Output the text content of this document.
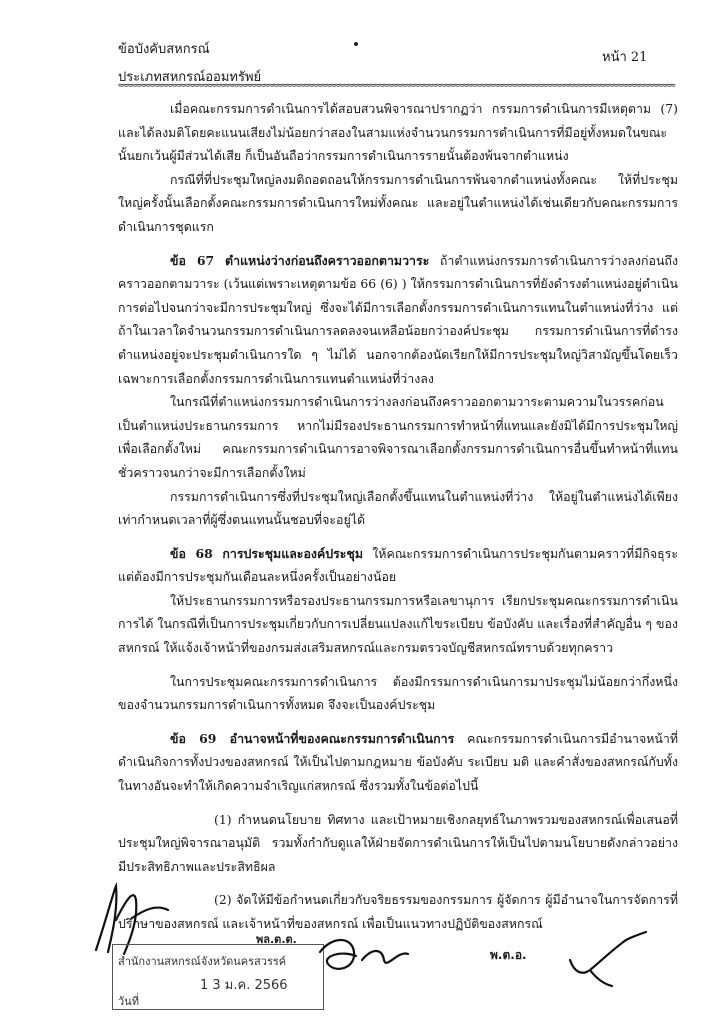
ข้อบังคับสหกรณ์
ประเภทสหกรณ์ออมทรัพย์
หน้า 21
≈≈≈≈≈≈≈≈≈≈≈≈≈≈≈≈≈≈≈≈≈≈≈≈≈≈≈≈≈≈≈≈≈≈≈≈≈≈≈≈≈≈≈≈≈≈≈≈≈≈≈≈≈≈≈≈≈≈≈≈≈≈≈≈≈≈≈≈≈≈≈≈≈≈≈≈≈≈≈≈≈≈≈≈≈≈≈≈≈≈≈≈≈≈≈≈≈≈≈≈≈≈≈≈≈≈≈≈≈≈≈≈≈≈≈≈≈≈≈≈≈≈≈≈≈≈

เมื่อคณะกรรมการดำเนินการได้สอบสวนพิจารณาปรากฏว่า กรรมการดำเนินการมีเหตุตาม (7) และได้ลงมติโดยคะแนนเสียงไม่น้อยกว่าสองในสามแห่งจำนวนกรรมการดำเนินการที่มีอยู่ทั้งหมดในขณะนั้นยกเว้นผู้มีส่วนได้เสีย ก็เป็นอันถือว่ากรรมการดำเนินการรายนั้นต้องพ้นจากตำแหน่ง

กรณีที่ที่ประชุมใหญ่ลงมติถอดถอนให้กรรมการดำเนินการพ้นจากตำแหน่งทั้งคณะ ให้ที่ประชุมใหญ่ครั้งนั้นเลือกตั้งคณะกรรมการดำเนินการใหม่ทั้งคณะ และอยู่ในตำแหน่งได้เช่นเดียวกับคณะกรรมการดำเนินการชุดแรก

ข้อ 67 ตำแหน่งว่างก่อนถึงคราวออกตามวาระ ถ้าตำแหน่งกรรมการดำเนินการว่างลงก่อนถึงคราวออกตามวาระ (เว้นแต่เพราะเหตุตามข้อ 66 (6) ) ให้กรรมการดำเนินการที่ยังดำรงตำแหน่งอยู่ดำเนินการต่อไปจนกว่าจะมีการประชุมใหญ่ ซึ่งจะได้มีการเลือกตั้งกรรมการดำเนินการแทนในตำแหน่งที่ว่าง แต่ถ้าในเวลาใดจำนวนกรรมการดำเนินการลดลงจนเหลือน้อยกว่าองค์ประชุม กรรมการดำเนินการที่ดำรงตำแหน่งอยู่จะประชุมดำเนินการใด ๆ ไม่ได้ นอกจากต้องนัดเรียกให้มีการประชุมใหญ่วิสามัญขึ้นโดยเร็ว เฉพาะการเลือกตั้งกรรมการดำเนินการแทนตำแหน่งที่ว่างลง

ในกรณีที่ตำแหน่งกรรมการดำเนินการว่างลงก่อนถึงคราวออกตามวาระตามความในวรรคก่อนเป็นตำแหน่งประธานกรรมการ หากไม่มีรองประธานกรรมการทำหน้าที่แทนและยังมิได้มีการประชุมใหญ่เพื่อเลือกตั้งใหม่ คณะกรรมการดำเนินการอาจพิจารณาเลือกตั้งกรรมการดำเนินการอื่นขึ้นทำหน้าที่แทนชั่วคราวจนกว่าจะมีการเลือกตั้งใหม่

กรรมการดำเนินการซึ่งที่ประชุมใหญ่เลือกตั้งขึ้นแทนในตำแหน่งที่ว่าง ให้อยู่ในตำแหน่งได้เพียงเท่ากำหนดเวลาที่ผู้ซึ่งตนแทนนั้นชอบที่จะอยู่ได้

ข้อ 68 การประชุมและองค์ประชุม ให้คณะกรรมการดำเนินการประชุมกันตามคราวที่มีกิจธุระแต่ต้องมีการประชุมกันเดือนละหนึ่งครั้งเป็นอย่างน้อย

ให้ประธานกรรมการหรือรองประธานกรรมการหรือเลขานุการ เรียกประชุมคณะกรรมการดำเนินการได้ ในกรณีที่เป็นการประชุมเกี่ยวกับการเปลี่ยนแปลงแก้ไขระเบียบ ข้อบังคับ และเรื่องที่สำคัญอื่น ๆ ของสหกรณ์ ให้แจ้งเจ้าหน้าที่ของกรมส่งเสริมสหกรณ์และกรมตรวจบัญชีสหกรณ์ทราบด้วยทุกคราว

ในการประชุมคณะกรรมการดำเนินการ ต้องมีกรรมการดำเนินการมาประชุมไม่น้อยกว่ากึ่งหนึ่งของจำนวนกรรมการดำเนินการทั้งหมด จึงจะเป็นองค์ประชุม

ข้อ 69 อำนาจหน้าที่ของคณะกรรมการดำเนินการ คณะกรรมการดำเนินการมีอำนาจหน้าที่ดำเนินกิจการทั้งปวงของสหกรณ์ ให้เป็นไปตามกฎหมาย ข้อบังคับ ระเบียบ มติ และคำสั่งของสหกรณ์กับทั้งในทางอันจะทำให้เกิดความจำเริญแก่สหกรณ์ ซึ่งรวมทั้งในข้อต่อไปนี้

(1) กำหนดนโยบาย ทิศทาง และเป้าหมายเชิงกลยุทธ์ในภาพรวมของสหกรณ์เพื่อเสนอที่ประชุมใหญ่พิจารณาอนุมัติ รวมทั้งกำกับดูแลให้ฝ่ายจัดการดำเนินการให้เป็นไปตามนโยบายดังกล่าวอย่างมีประสิทธิภาพและประสิทธิผล

(2) จัดให้มีข้อกำหนดเกี่ยวกับจริยธรรมของกรรมการ ผู้จัดการ ผู้มีอำนาจในการจัดการที่ปรึกษาของสหกรณ์ และเจ้าหน้าที่ของสหกรณ์ เพื่อเป็นแนวทางปฏิบัติของสหกรณ์

พล.ต.ต.
สำนักงานสหกรณ์จังหวัดนครสวรรค์
1 3 ม.ค. 2566
วันที่
พ.ต.อ.
